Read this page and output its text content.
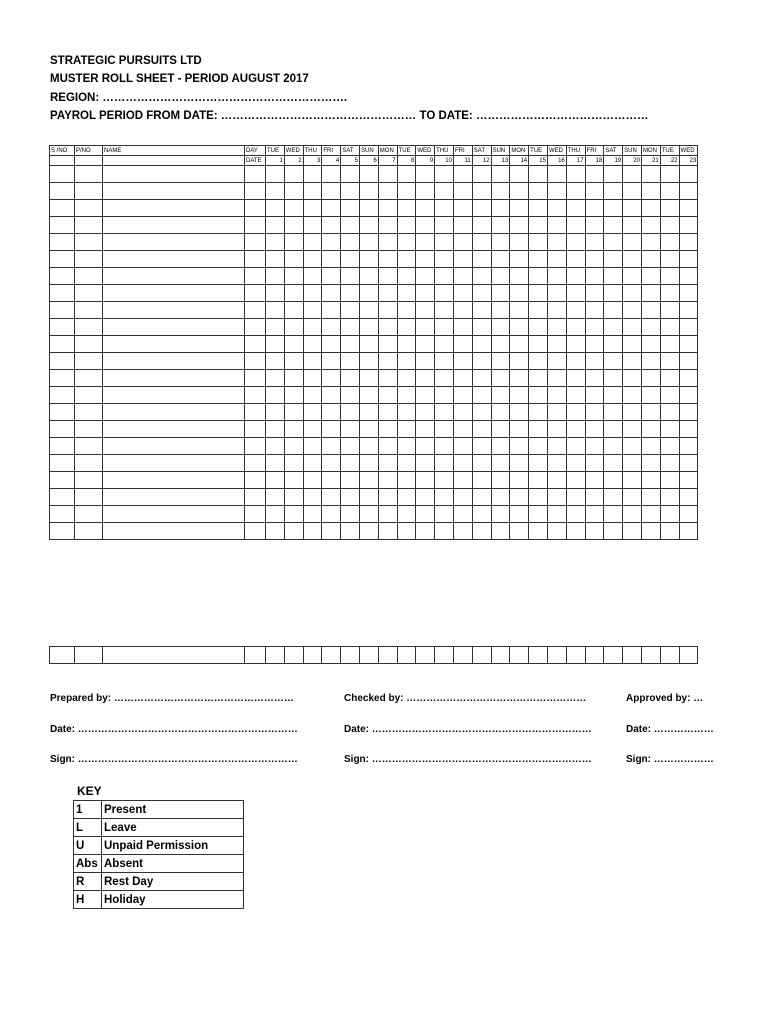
STRATEGIC PURSUITS LTD
MUSTER ROLL SHEET - PERIOD AUGUST 2017
REGION: ……………………………………………………….
PAYROL PERIOD FROM DATE: …………………………………………… TO DATE: ………………………………………
S /NO	P/NO	NAME	DAY	TUE	WED	THU	FRI	SAT	SUN	MON	TUE	WED	THU	FRI	SAT	SUN	MON	TUE	WED	THU	FRI	SAT	SUN	MON	TUE	WED
			DATE	1	2	3	4	5	6	7	8	9	10	11	12	13	14	15	16	17	18	19	20	21	22	23

Prepared by: ………………………………………………	Checked by: ………………………………………………	Approved by: …
Date: …………………………………………………………	Date: …………………………………………………………	Date: ………………
Sign: …………………………………………………………	Sign: …………………………………………………………	Sign: ………………
KEY
1	Present
L	Leave
U	Unpaid Permission
Abs	Absent
R	Rest Day
H	Holiday
